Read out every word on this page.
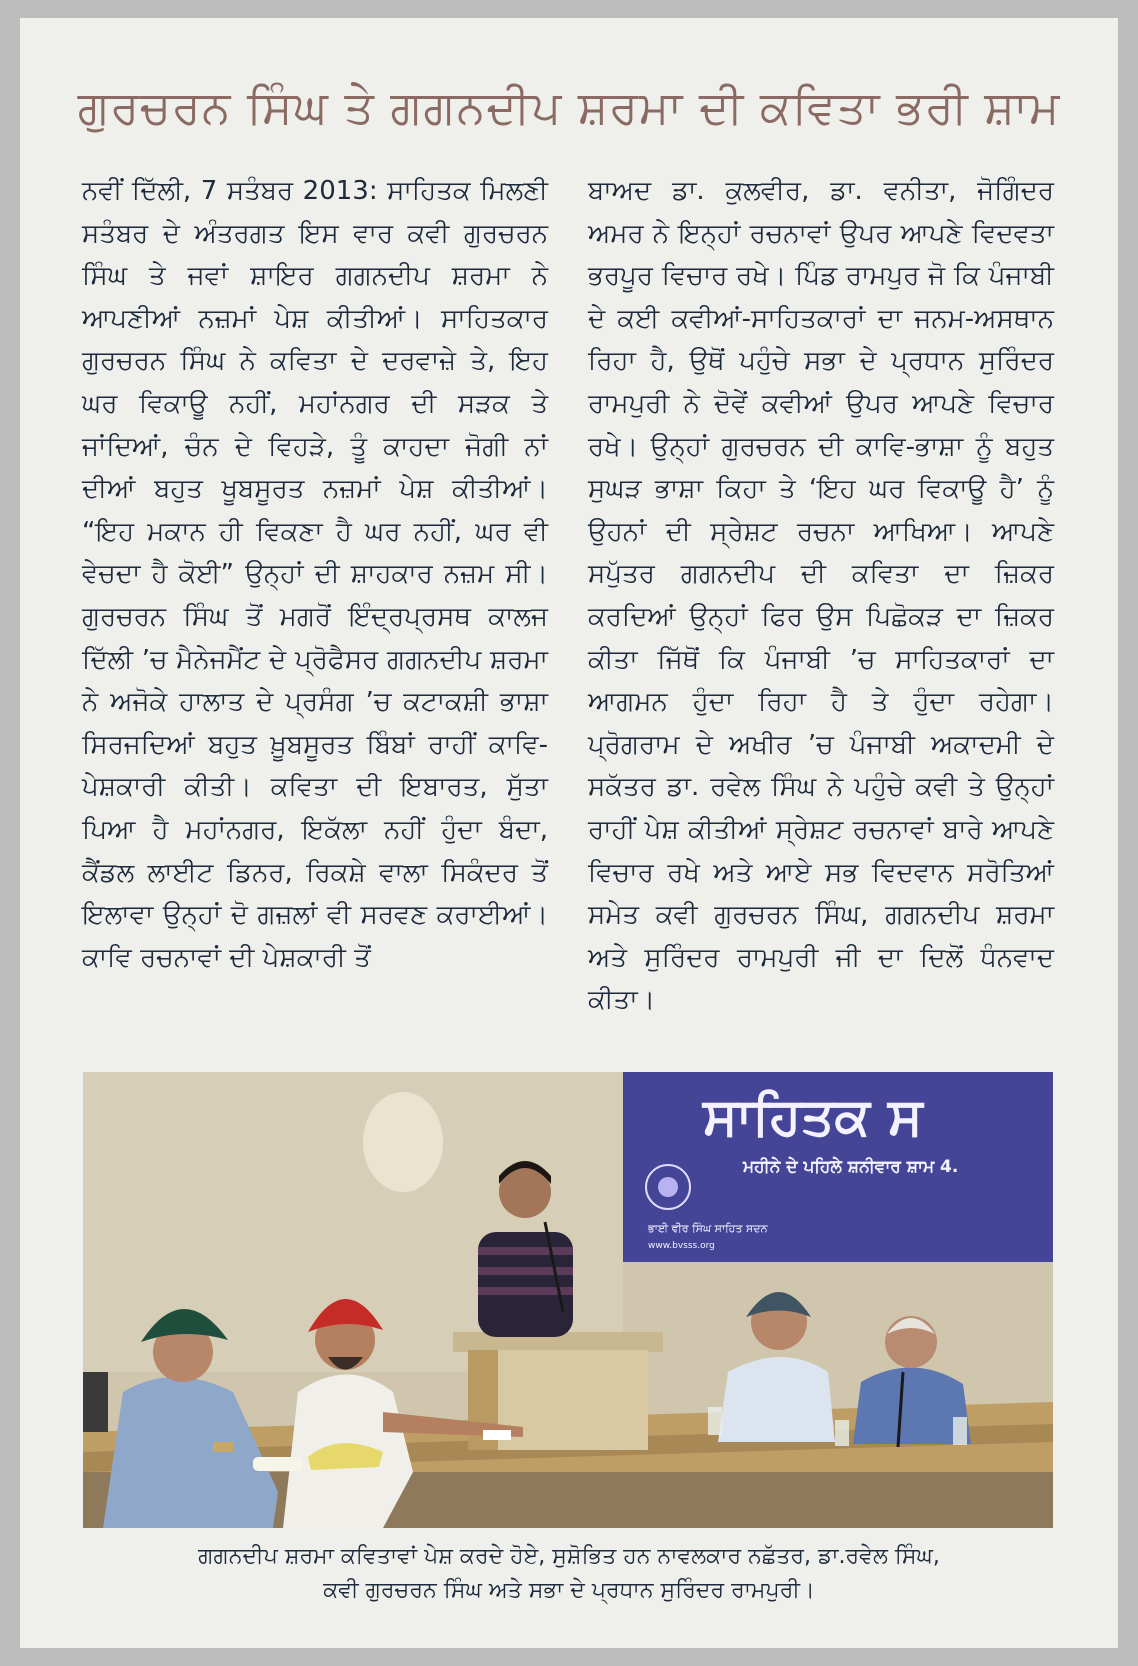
ਗੁਰਚਰਨ ਸਿੰਘ ਤੇ ਗਗਨਦੀਪ ਸ਼ਰਮਾ ਦੀ ਕਵਿਤਾ ਭਰੀ ਸ਼ਾਮ

ਨਵੀਂ ਦਿੱਲੀ, 7 ਸਤੰਬਰ 2013: ਸਾਹਿਤਕ ਮਿਲਣੀ ਸਤੰਬਰ ਦੇ ਅੰਤਰਗਤ ਇਸ ਵਾਰ ਕਵੀ ਗੁਰਚਰਨ ਸਿੰਘ ਤੇ ਜਵਾਂ ਸ਼ਾਇਰ ਗਗਨਦੀਪ ਸ਼ਰਮਾ ਨੇ ਆਪਣੀਆਂ ਨਜ਼ਮਾਂ ਪੇਸ਼ ਕੀਤੀਆਂ। ਸਾਹਿਤਕਾਰ ਗੁਰਚਰਨ ਸਿੰਘ ਨੇ ਕਵਿਤਾ ਦੇ ਦਰਵਾਜ਼ੇ ਤੇ, ਇਹ ਘਰ ਵਿਕਾਊ ਨਹੀਂ, ਮਹਾਂਨਗਰ ਦੀ ਸੜਕ ਤੇ ਜਾਂਦਿਆਂ, ਚੰਨ ਦੇ ਵਿਹੜੇ, ਤੂੰ ਕਾਹਦਾ ਜੋਗੀ ਨਾਂ ਦੀਆਂ ਬਹੁਤ ਖੂਬਸੂਰਤ ਨਜ਼ਮਾਂ ਪੇਸ਼ ਕੀਤੀਆਂ। “ਇਹ ਮਕਾਨ ਹੀ ਵਿਕਣਾ ਹੈ ਘਰ ਨਹੀਂ, ਘਰ ਵੀ ਵੇਚਦਾ ਹੈ ਕੋਈ” ਉਨ੍ਹਾਂ ਦੀ ਸ਼ਾਹਕਾਰ ਨਜ਼ਮ ਸੀ। ਗੁਰਚਰਨ ਸਿੰਘ ਤੋਂ ਮਗਰੋਂ ਇੰਦ੍ਰਪ੍ਰਸਥ ਕਾਲਜ ਦਿੱਲੀ ’ਚ ਮੈਨੇਜਮੈਂਟ ਦੇ ਪ੍ਰੋਫੈਸਰ ਗਗਨਦੀਪ ਸ਼ਰਮਾ ਨੇ ਅਜੋਕੇ ਹਾਲਾਤ ਦੇ ਪ੍ਰਸੰਗ ’ਚ ਕਟਾਕਸ਼ੀ ਭਾਸ਼ਾ ਸਿਰਜਦਿਆਂ ਬਹੁਤ ਖ਼ੂਬਸੂਰਤ ਬਿੰਬਾਂ ਰਾਹੀਂ ਕਾਵਿ-ਪੇਸ਼ਕਾਰੀ ਕੀਤੀ। ਕਵਿਤਾ ਦੀ ਇਬਾਰਤ, ਸੁੱਤਾ ਪਿਆ ਹੈ ਮਹਾਂਨਗਰ, ਇਕੱਲਾ ਨਹੀਂ ਹੁੰਦਾ ਬੰਦਾ, ਕੈਂਡਲ ਲਾਈਟ ਡਿਨਰ, ਰਿਕਸ਼ੇ ਵਾਲਾ ਸਿਕੰਦਰ ਤੋਂ ਇਲਾਵਾ ਉਨ੍ਹਾਂ ਦੋ ਗਜ਼ਲਾਂ ਵੀ ਸਰਵਣ ਕਰਾਈਆਂ। ਕਾਵਿ ਰਚਨਾਵਾਂ ਦੀ ਪੇਸ਼ਕਾਰੀ ਤੋਂ

ਬਾਅਦ ਡਾ. ਕੁਲਵੀਰ, ਡਾ. ਵਨੀਤਾ, ਜੋਗਿੰਦਰ ਅਮਰ ਨੇ ਇਨ੍ਹਾਂ ਰਚਨਾਵਾਂ ਉਪਰ ਆਪਣੇ ਵਿਦਵਤਾ ਭਰਪੂਰ ਵਿਚਾਰ ਰਖੇ। ਪਿੰਡ ਰਾਮਪੁਰ ਜੋ ਕਿ ਪੰਜਾਬੀ ਦੇ ਕਈ ਕਵੀਆਂ-ਸਾਹਿਤਕਾਰਾਂ ਦਾ ਜਨਮ-ਅਸਥਾਨ ਰਿਹਾ ਹੈ, ਉਥੋਂ ਪਹੁੰਚੇ ਸਭਾ ਦੇ ਪ੍ਰਧਾਨ ਸੁਰਿੰਦਰ ਰਾਮਪੁਰੀ ਨੇ ਦੋਵੇਂ ਕਵੀਆਂ ਉਪਰ ਆਪਣੇ ਵਿਚਾਰ ਰਖੇ। ਉਨ੍ਹਾਂ ਗੁਰਚਰਨ ਦੀ ਕਾਵਿ-ਭਾਸ਼ਾ ਨੂੰ ਬਹੁਤ ਸੁਘੜ ਭਾਸ਼ਾ ਕਿਹਾ ਤੇ ‘ਇਹ ਘਰ ਵਿਕਾਊ ਹੈ’ ਨੂੰ ਉਹਨਾਂ ਦੀ ਸ੍ਰੇਸ਼ਟ ਰਚਨਾ ਆਖਿਆ। ਆਪਣੇ ਸਪੁੱਤਰ ਗਗਨਦੀਪ ਦੀ ਕਵਿਤਾ ਦਾ ਜ਼ਿਕਰ ਕਰਦਿਆਂ ਉਨ੍ਹਾਂ ਫਿਰ ਉਸ ਪਿਛੋਕੜ ਦਾ ਜ਼ਿਕਰ ਕੀਤਾ ਜਿੱਥੋਂ ਕਿ ਪੰਜਾਬੀ ’ਚ ਸਾਹਿਤਕਾਰਾਂ ਦਾ ਆਗਮਨ ਹੁੰਦਾ ਰਿਹਾ ਹੈ ਤੇ ਹੁੰਦਾ ਰਹੇਗਾ। ਪ੍ਰੋਗਰਾਮ ਦੇ ਅਖੀਰ ’ਚ ਪੰਜਾਬੀ ਅਕਾਦਮੀ ਦੇ ਸਕੱਤਰ ਡਾ. ਰਵੇਲ ਸਿੰਘ ਨੇ ਪਹੁੰਚੇ ਕਵੀ ਤੇ ਉਨ੍ਹਾਂ ਰਾਹੀਂ ਪੇਸ਼ ਕੀਤੀਆਂ ਸ੍ਰੇਸ਼ਟ ਰਚਨਾਵਾਂ ਬਾਰੇ ਆਪਣੇ ਵਿਚਾਰ ਰਖੇ ਅਤੇ ਆਏ ਸਭ ਵਿਦਵਾਨ ਸਰੋਤਿਆਂ ਸਮੇਤ ਕਵੀ ਗੁਰਚਰਨ ਸਿੰਘ, ਗਗਨਦੀਪ ਸ਼ਰਮਾ ਅਤੇ ਸੁਰਿੰਦਰ ਰਾਮਪੁਰੀ ਜੀ ਦਾ ਦਿਲੋਂ ਧੰਨਵਾਦ ਕੀਤਾ।

ਸਾਹਿਤਕ ਸ
ਮਹੀਨੇ ਦੇ ਪਹਿਲੇ ਸ਼ਨੀਵਾਰ ਸ਼ਾਮ 4.
ਭਾਈ ਵੀਰ ਸਿੰਘ ਸਾਹਿਤ ਸਦਨ
www.bvsss.org

ਗਗਨਦੀਪ ਸ਼ਰਮਾ ਕਵਿਤਾਵਾਂ ਪੇਸ਼ ਕਰਦੇ ਹੋਏ, ਸੁਸ਼ੋਭਿਤ ਹਨ ਨਾਵਲਕਾਰ ਨਛੱਤਰ, ਡਾ.ਰਵੇਲ ਸਿੰਘ,
ਕਵੀ ਗੁਰਚਰਨ ਸਿੰਘ ਅਤੇ ਸਭਾ ਦੇ ਪ੍ਰਧਾਨ ਸੁਰਿੰਦਰ ਰਾਮਪੁਰੀ।
